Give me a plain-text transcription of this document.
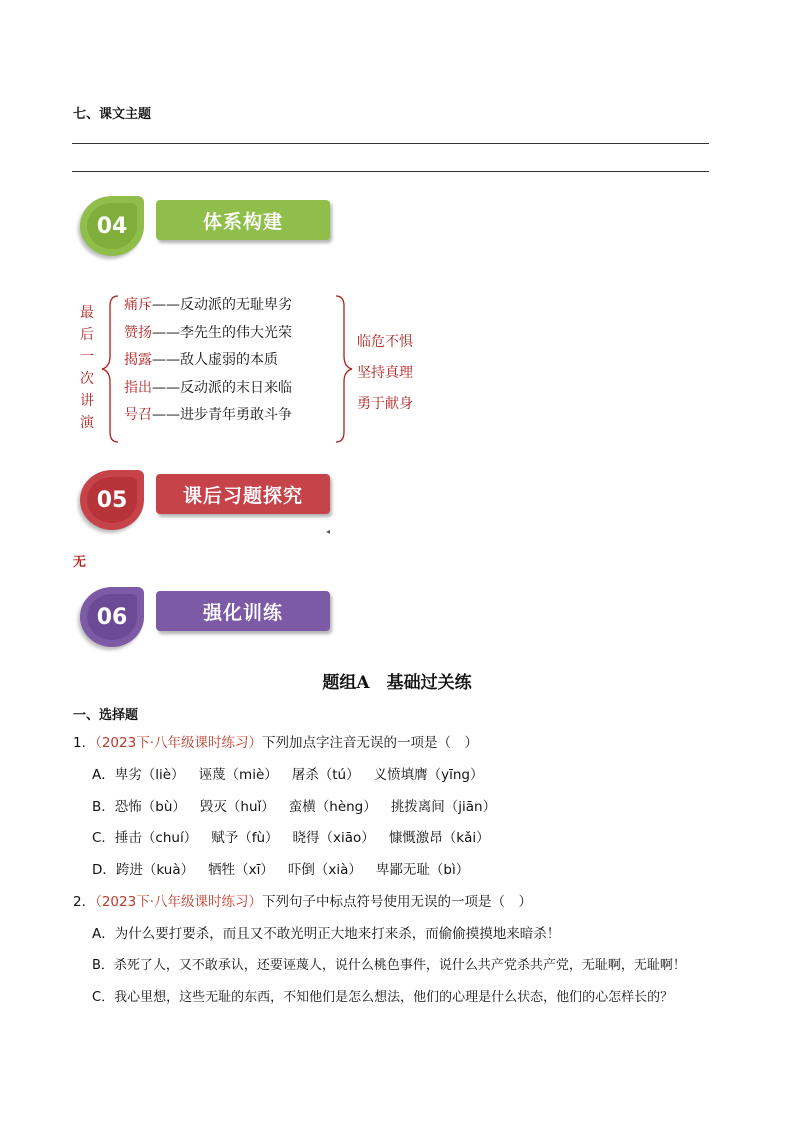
七、课文主题
04	体系构建
最
后
一
次
讲
演
痛斥——反动派的无耻卑劣
赞扬——李先生的伟大光荣
揭露——敌人虚弱的本质
指出——反动派的末日来临
号召——进步青年勇敢斗争
临危不惧
坚持真理
勇于献身
05	课后习题探究
◂
无
06	强化训练
题组A　基础过关练
一、选择题
1．（2023下·八年级课时练习）下列加点字注音无误的一项是（　）
A．卑劣（liè） 诬蔑（miè） 屠杀（tú） 义愤填膺（yīng）
B．恐怖（bù） 毁灭（huǐ） 蛮横（hèng） 挑拨离间（jiān）
C．捶击（chuí） 赋予（fù） 晓得（xiāo） 慷慨激昂（kǎi）
D．跨进（kuà） 牺牲（xī） 吓倒（xià） 卑鄙无耻（bì）
2．（2023下·八年级课时练习）下列句子中标点符号使用无误的一项是（　）
A．为什么要打要杀，而且又不敢光明正大地来打来杀，而偷偷摸摸地来暗杀！
B．杀死了人，又不敢承认，还要诬蔑人，说什么桃色事件，说什么共产党杀共产党，无耻啊，无耻啊！
C．我心里想，这些无耻的东西，不知他们是怎么想法，他们的心理是什么状态，他们的心怎样长的？
